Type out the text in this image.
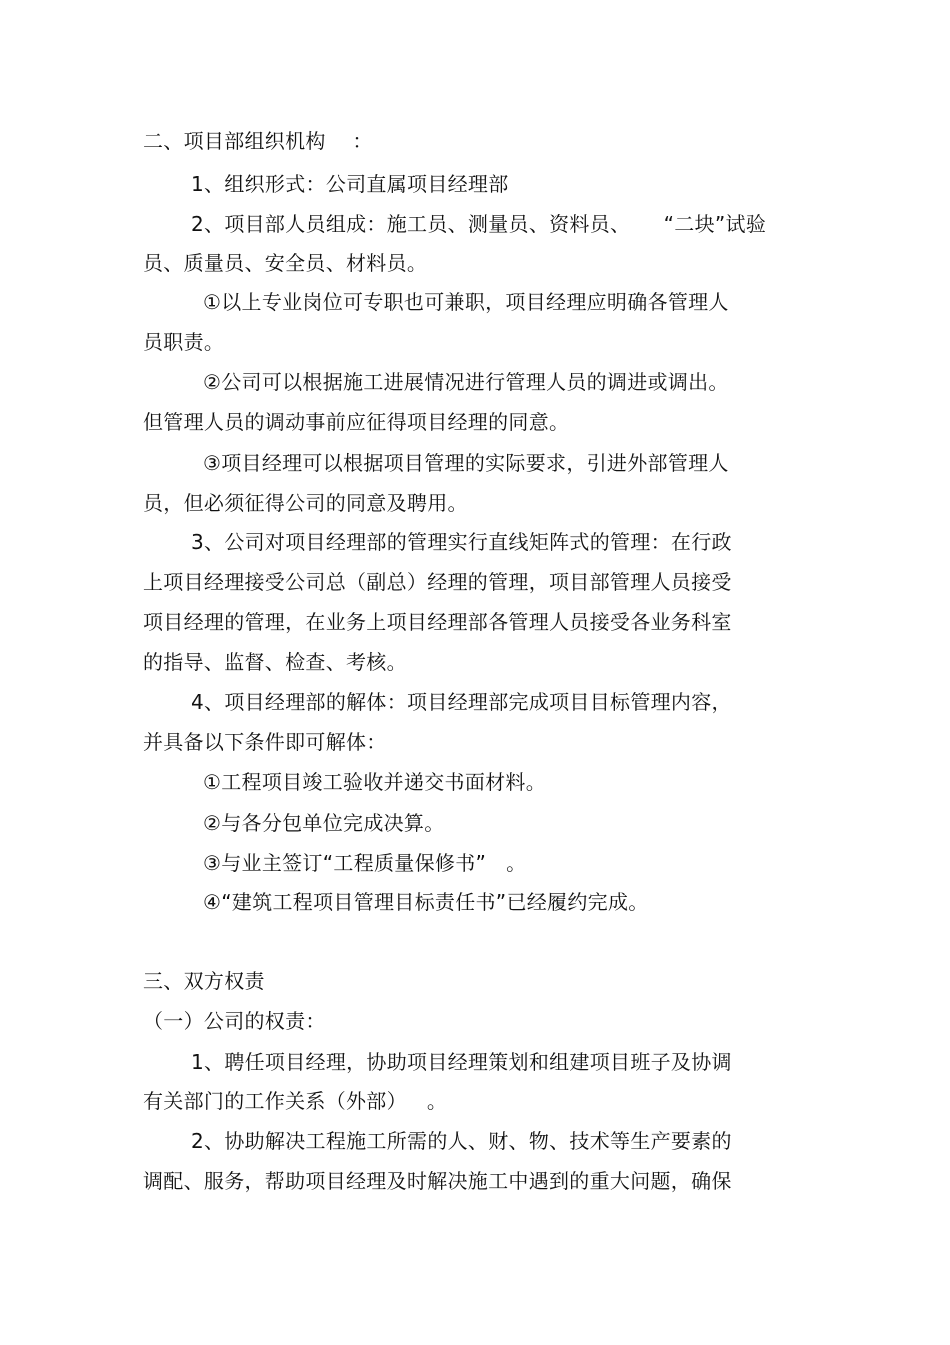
二、项目部组织机构    ：
1、组织形式：公司直属项目经理部
2、项目部人员组成：施工员、测量员、资料员、     “二块”试验
员、质量员、安全员、材料员。
①以上专业岗位可专职也可兼职，项目经理应明确各管理人
员职责。
②公司可以根据施工进展情况进行管理人员的调进或调出。
但管理人员的调动事前应征得项目经理的同意。
③项目经理可以根据项目管理的实际要求，引进外部管理人
员，但必须征得公司的同意及聘用。
3、公司对项目经理部的管理实行直线矩阵式的管理：在行政
上项目经理接受公司总（副总）经理的管理，项目部管理人员接受
项目经理的管理，在业务上项目经理部各管理人员接受各业务科室
的指导、监督、检查、考核。
4、项目经理部的解体：项目经理部完成项目目标管理内容，
并具备以下条件即可解体：
①工程项目竣工验收并递交书面材料。
②与各分包单位完成决算。
③与业主签订“工程质量保修书”   。
④“建筑工程项目管理目标责任书”已经履约完成。
三、双方权责
（一）公司的权责：
1、聘任项目经理，协助项目经理策划和组建项目班子及协调
有关部门的工作关系（外部）   。
2、协助解决工程施工所需的人、财、物、技术等生产要素的
调配、服务，帮助项目经理及时解决施工中遇到的重大问题，确保
